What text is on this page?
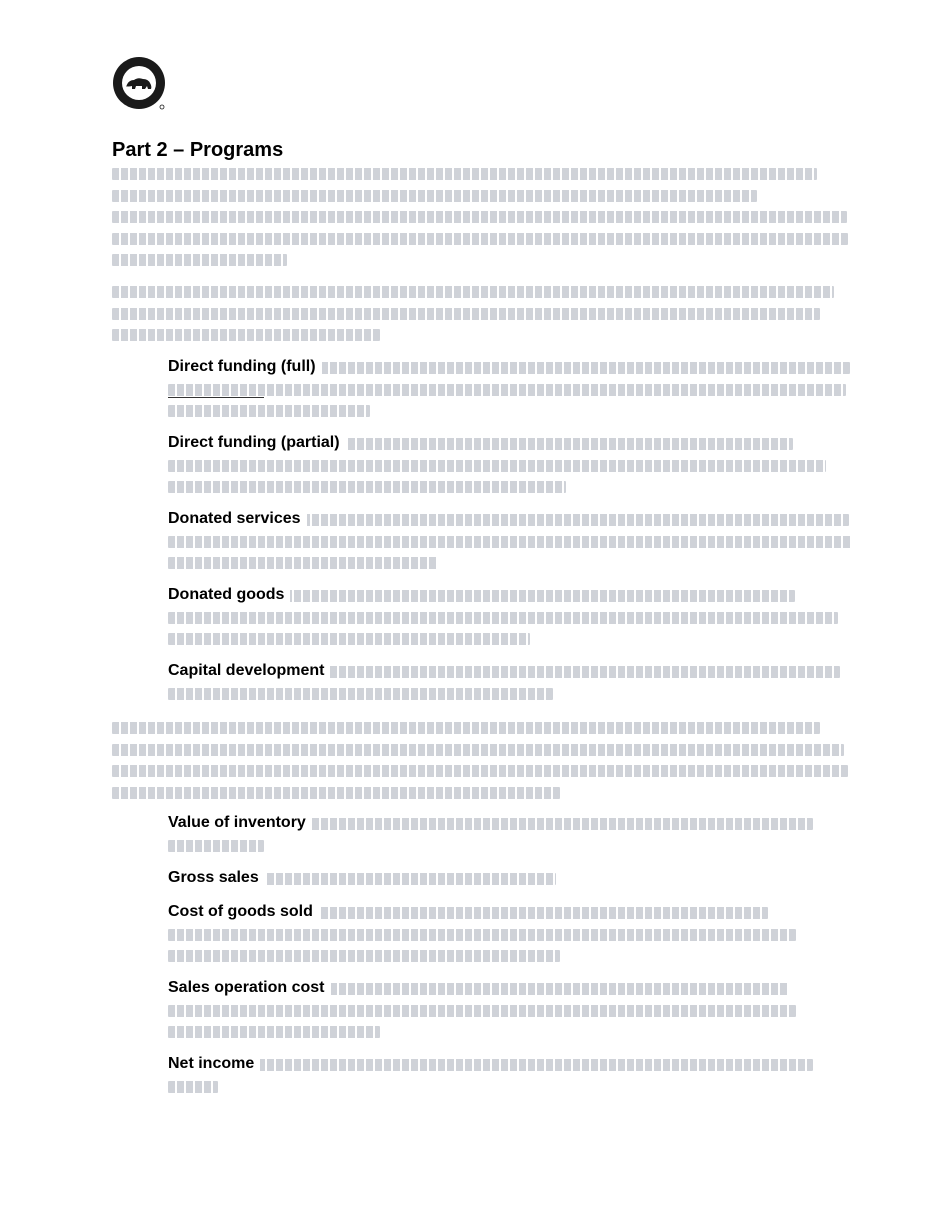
Part 2 – Programs
Direct funding (full)
Direct funding (partial)
Donated services
Donated goods
Capital development
Value of inventory
Gross sales
Cost of goods sold
Sales operation cost
Net income
